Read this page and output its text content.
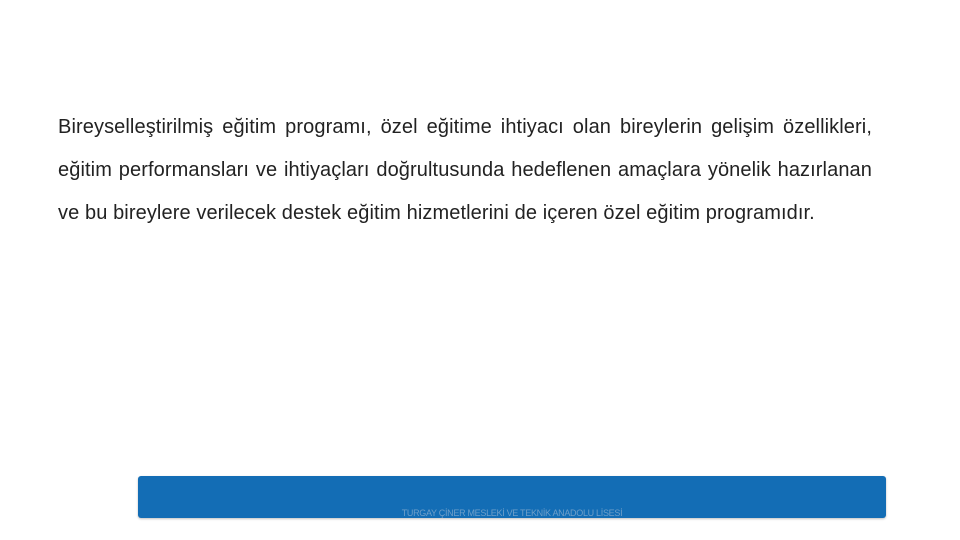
Bireyselleştirilmiş eğitim programı, özel eğitime ihtiyacı olan bireylerin gelişim özellikleri, eğitim performansları ve ihtiyaçları doğrultusunda hedeflenen amaçlara yönelik hazırlanan ve bu bireylere verilecek destek eğitim hizmetlerini de içeren özel eğitim programıdır.

TURGAY ÇİNER MESLEKİ VE TEKNİK ANADOLU LİSESİ
